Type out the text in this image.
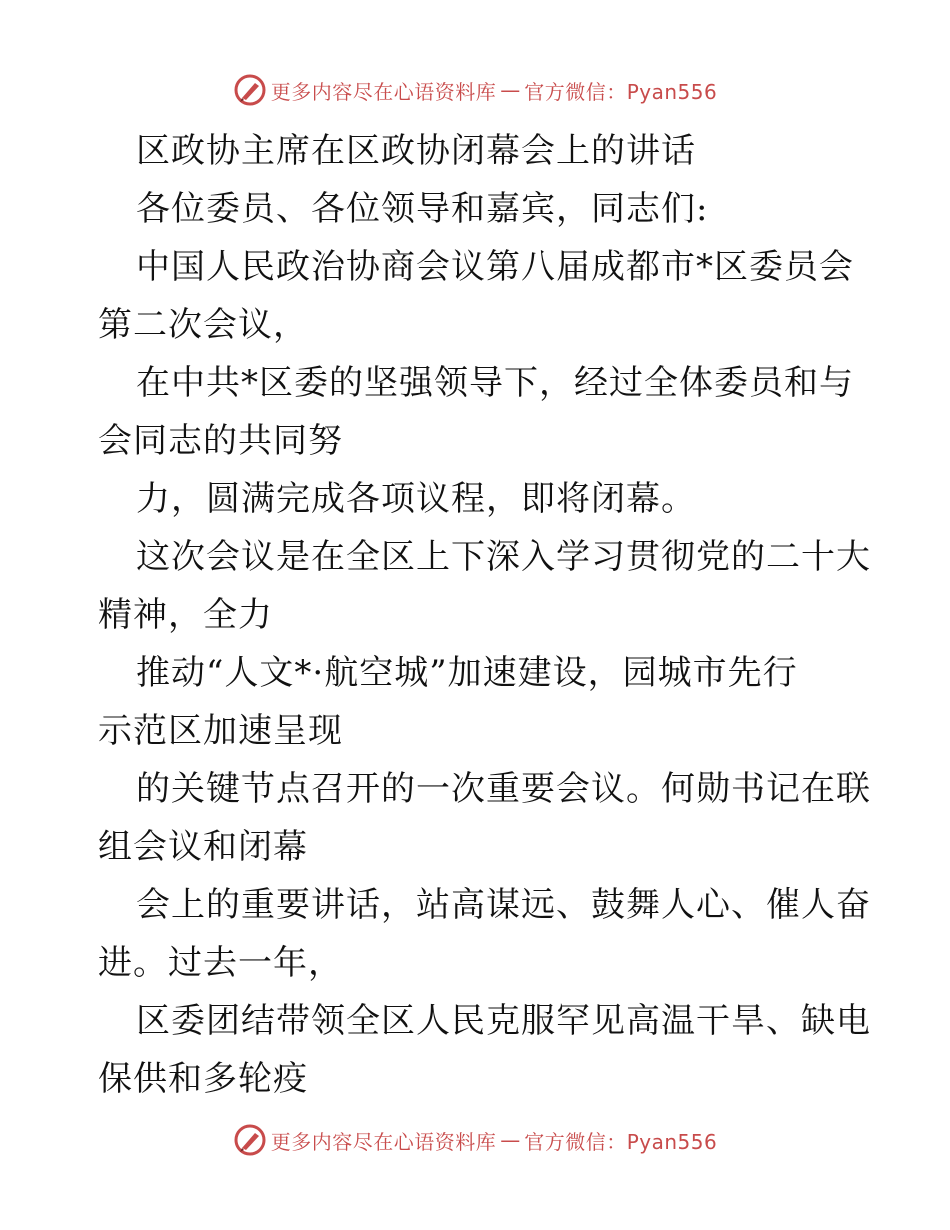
更多内容尽在心语资料库 — 官方微信：Pyan556
区政协主席在区政协闭幕会上的讲话
各位委员、各位领导和嘉宾，同志们:
中国人民政治协商会议第八届成都市*区委员会
第二次会议，
在中共*区委的坚强领导下，经过全体委员和与
会同志的共同努
力，圆满完成各项议程，即将闭幕。
这次会议是在全区上下深入学习贯彻党的二十大
精神，全力
推动“人文*·航空城”加速建设，园城市先行
示范区加速呈现
的关键节点召开的一次重要会议。何勋书记在联
组会议和闭幕
会上的重要讲话，站高谋远、鼓舞人心、催人奋
进。过去一年，
区委团结带领全区人民克服罕见高温干旱、缺电
保供和多轮疫
更多内容尽在心语资料库 — 官方微信：Pyan556
